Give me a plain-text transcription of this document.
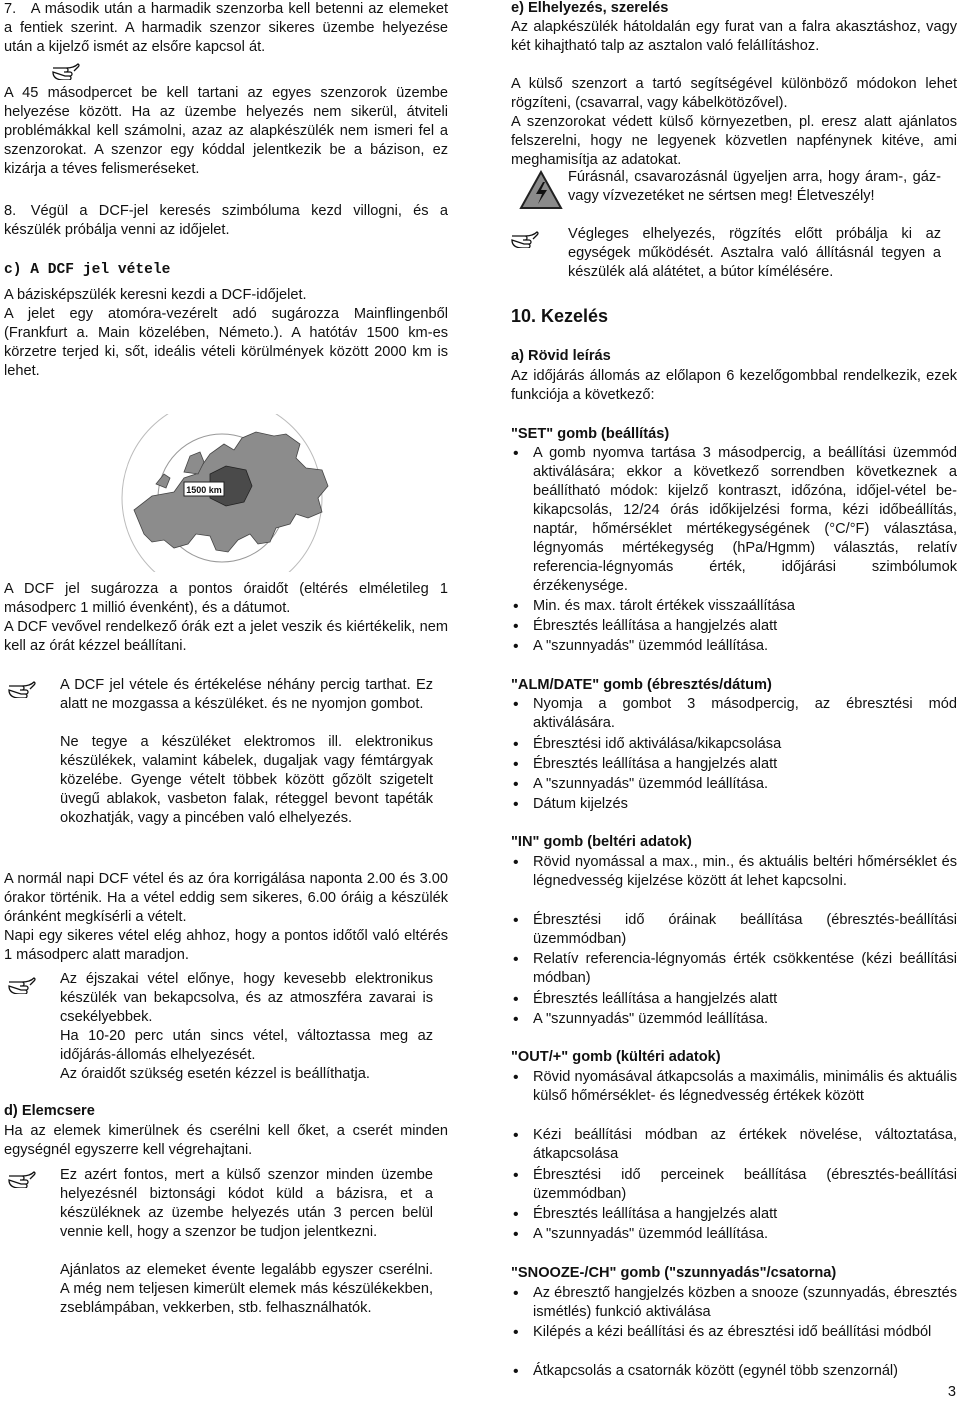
7. A második után a harmadik szenzorba kell betenni az elemeket a fentiek szerint. A harmadik szenzor sikeres üzembe helyezése után a kijelző ismét az elsőre kapcsol át.

A 45 másodpercet be kell tartani az egyes szenzorok üzembe helyezése között. Ha az üzembe helyezés nem sikerül, átviteli problémákkal kell számolni, azaz az alapkészülék nem ismeri fel a szenzorokat. A szenzor egy kóddal jelentkezik be a bázison, ez kizárja a téves felismeréseket.

8. Végül a DCF-jel keresés szimbóluma kezd villogni, és a készülék próbálja venni az időjelet.

c) A DCF jel vétele

A bázisképszülék keresni kezdi a DCF-időjelet.

A jelet egy atomóra-vezérelt adó sugározza Mainflingenből (Frankfurt a. Main közelében, Németo.). A hatótáv 1500 km-es körzetre terjed ki, sőt, ideális vételi körülmények között 2000 km is lehet.

1500 km

A DCF jel sugározza a pontos óraidőt (eltérés elméletileg 1 másodperc 1 millió évenként), és a dátumot.

A DCF vevővel rendelkező órák ezt a jelet veszik és kiértékelik, nem kell az órát kézzel beállítani.

A DCF jel vétele és értékelése néhány percig tarthat. Ez alatt ne mozgassa a készüléket. és ne nyomjon gombot.

Ne tegye a készüléket elektromos ill. elektronikus készülékek, valamint kábelek, dugaljak vagy fémtárgyak közelébe. Gyenge vételt többek között gőzölt szigetelt üvegű ablakok, vasbeton falak, réteggel bevont tapéták okozhatják, vagy a pincében való elhelyezés.

A normál napi DCF vétel és az óra korrigálása naponta 2.00 és 3.00 órakor történik. Ha a vétel eddig sem sikeres, 6.00 óráig a készülék óránként megkísérli a vételt.

Napi egy sikeres vétel elég ahhoz, hogy a pontos időtől való eltérés 1 másodperc alatt maradjon.

Az éjszakai vétel előnye, hogy kevesebb elektronikus készülék van bekapcsolva, és az atmoszféra zavarai is csekélyebbek.

Ha 10-20 perc után sincs vétel, változtassa meg az időjárás-állomás elhelyezését.

Az óraidőt szükség esetén kézzel is beállíthatja.

d) Elemcsere

Ha az elemek kimerülnek és cserélni kell őket, a cserét minden egységnél egyszerre kell végrehajtani.

Ez azért fontos, mert a külső szenzor minden üzembe helyezésnél biztonsági kódot küld a bázisra, et a készüléknek az üzembe helyezés után 3 percen belül vennie kell, hogy a szenzor be tudjon jelentkezni.

Ajánlatos az elemeket évente legalább egyszer cserélni. A még nem teljesen kimerült elemek más készülékekben, zseblámpában, vekkerben, stb. felhasználhatók.

e) Elhelyezés, szerelés

Az alapkészülék hátoldalán egy furat van a falra akasztáshoz, vagy két kihajtható talp az asztalon való feláIlításhoz.

A külső szenzort a tartó segítségével különböző módokon lehet rögzíteni, (csavarral, vagy kábelkötözővel).

A szenzorokat védett külső környezetben, pl. eresz alatt ajánlatos felszerelni, hogy ne legyenek közvetlen napfénynek kitéve, ami meghamisítja az adatokat.

Fúrásnál, csavarozásnál ügyeljen arra, hogy áram-, gáz- vagy vízvezetéket ne sértsen meg! Életveszély!

Végleges elhelyezés, rögzítés előtt próbálja ki az egységek működését. Asztalra való állításnál tegyen a készülék alá alátétet, a bútor kímélésére.

10. Kezelés
a) Rövid leírás

Az időjárás állomás az előlapon 6 kezelőgombbal rendelkezik, ezek funkciója a következő:

"SET" gomb (beállítás)

• A gomb nyomva tartása 3 másodpercig, a beállítási üzemmód aktiválására; ekkor a következő sorrendben következnek a beállítható módok: kijelző kontraszt, időzóna, időjel-vétel be-kikapcsolás, 12/24 órás időkijelzési forma, kézi időbeállítás, naptár, hőmérséklet mértékegységének (°C/°F) választása, légnyomás mértékegység (hPa/Hgmm) választás, relatív referencia-légnyomás érték, időjárási szimbólumok érzékenysége.

• Min. és max. tárolt értékek visszaállítása

• Ébresztés leállítása a hangjelzés alatt

• A "szunnyadás" üzemmód leállítása.

"ALM/DATE" gomb (ébresztés/dátum)

• Nyomja a gombot 3 másodpercig, az ébresztési mód aktiválására.

• Ébresztési idő aktiválása/kikapcsolása

• Ébresztés leállítása a hangjelzés alatt

• A "szunnyadás" üzemmód leállítása.

• Dátum kijelzés

"IN" gomb (beltéri adatok)

• Rövid nyomással a max., min., és aktuális beltéri hőmérséklet és légnedvesség kijelzése között át lehet kapcsolni.

• Ébresztési idő óráinak beállítása (ébresztés-beállítási üzemmódban)

• Relatív referencia-légnyomás érték csökkentése (kézi beállítási módban)

• Ébresztés leállítása a hangjelzés alatt

• A "szunnyadás" üzemmód leállítása.

"OUT/+" gomb (kültéri adatok)

• Rövid nyomásával átkapcsolás a maximális, minimális és aktuális külső hőmérséklet- és légnedvesség értékek között

• Kézi beállítási módban az értékek növelése, változtatása, átkapcsolása

• Ébresztési idő perceinek beállítása (ébresztés-beállítási üzemmódban)

• Ébresztés leállítása a hangjelzés alatt

• A "szunnyadás" üzemmód leállítása.

"SNOOZE-/CH" gomb ("szunnyadás"/csatorna)

• Az ébresztő hangjelzés közben a snooze (szunnyadás, ébresztés ismétlés) funkció aktiválása

• Kilépés a kézi beállítási és az ébresztési idő beállítási módból

• Átkapcsolás a csatornák között (egynél több szenzornál)

3
